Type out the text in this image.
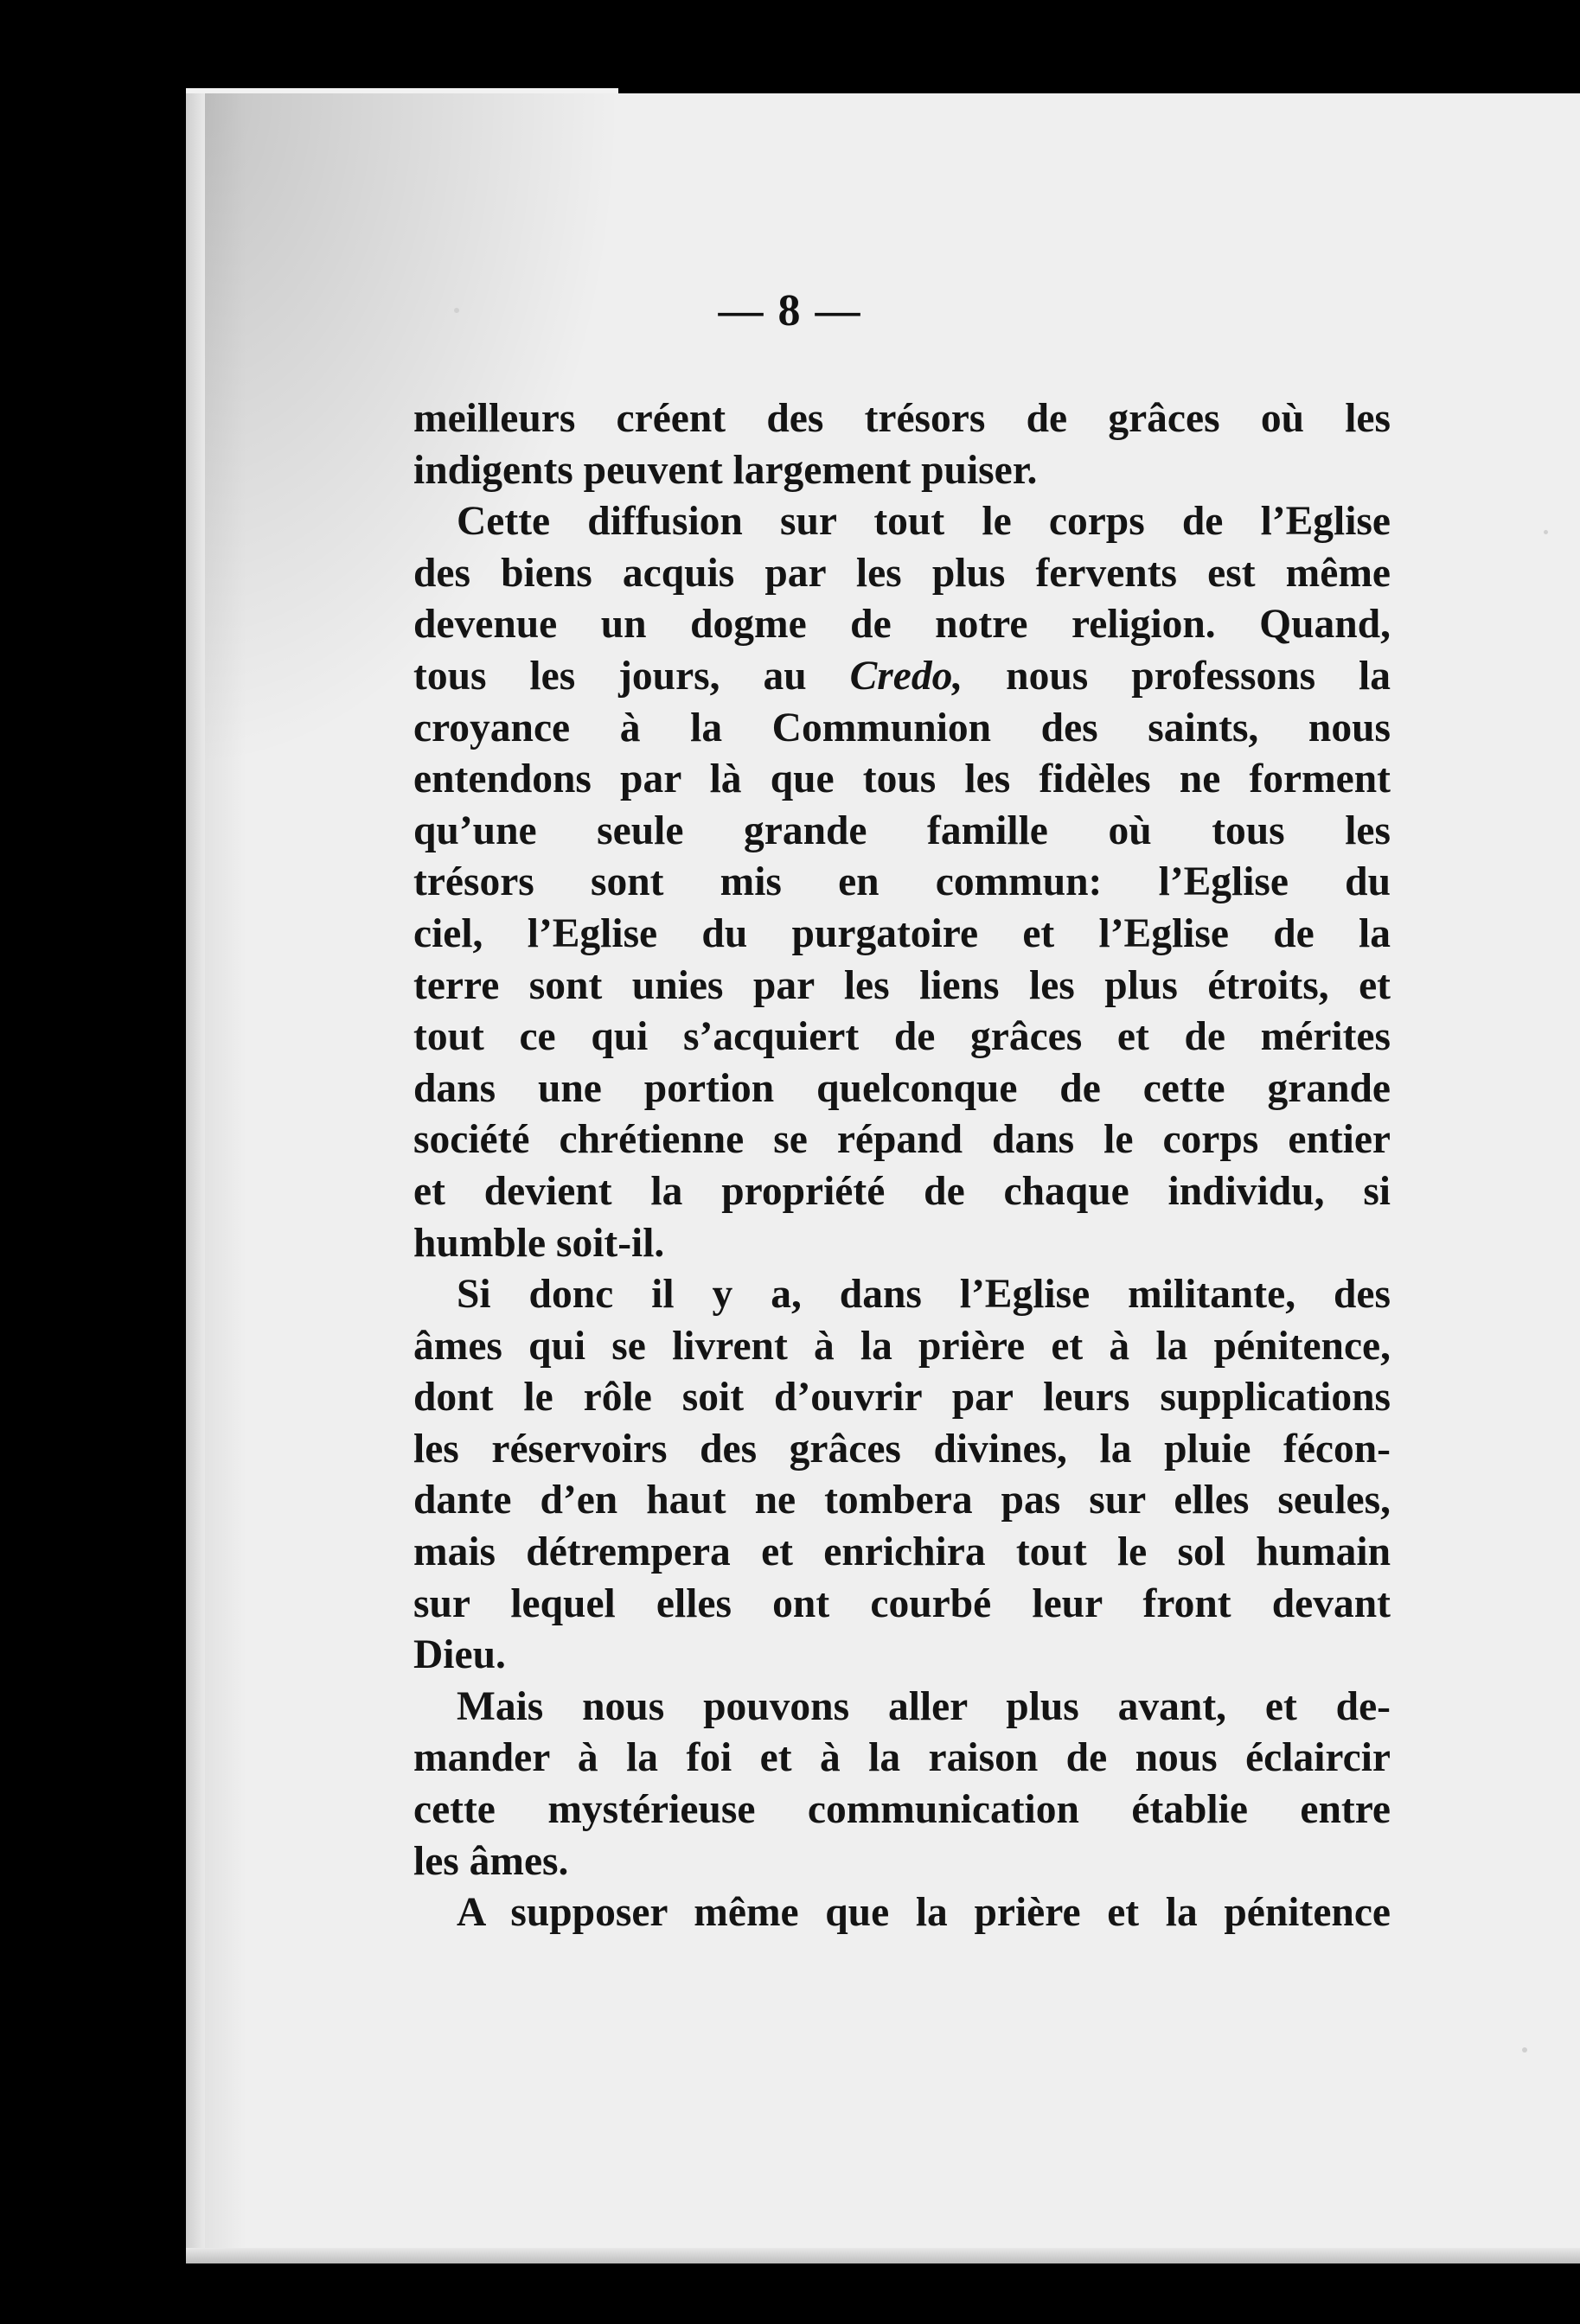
— 8 —
meilleurs créent des trésors de grâces où les
indigents peuvent largement puiser.
Cette diffusion sur tout le corps de l’Eglise
des biens acquis par les plus fervents est même
devenue un dogme de notre religion. Quand,
tous les jours, au Credo, nous professons la
croyance à la Communion des saints, nous
entendons par là que tous les fidèles ne forment
qu’une seule grande famille où tous les
trésors sont mis en commun: l’Eglise du
ciel, l’Eglise du purgatoire et l’Eglise de la
terre sont unies par les liens les plus étroits, et
tout ce qui s’acquiert de grâces et de mérites
dans une portion quelconque de cette grande
société chrétienne se répand dans le corps entier
et devient la propriété de chaque individu, si
humble soit-il.
Si donc il y a, dans l’Eglise militante, des
âmes qui se livrent à la prière et à la pénitence,
dont le rôle soit d’ouvrir par leurs supplications
les réservoirs des grâces divines, la pluie fécon-
dante d’en haut ne tombera pas sur elles seules,
mais détrempera et enrichira tout le sol humain
sur lequel elles ont courbé leur front devant
Dieu.
Mais nous pouvons aller plus avant, et de-
mander à la foi et à la raison de nous éclaircir
cette mystérieuse communication établie entre
les âmes.
A supposer même que la prière et la pénitence
